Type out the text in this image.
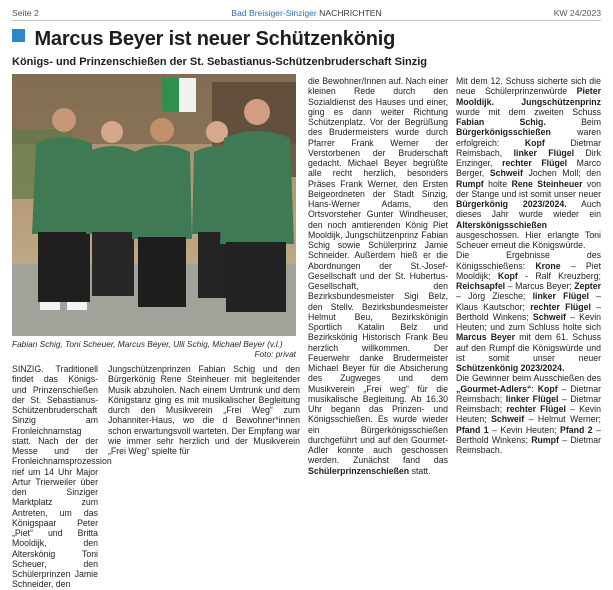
Seite 2	Bad Breisiger-Sinziger NACHRICHTEN	KW 24/2023
Marcus Beyer ist neuer Schützenkönig
Königs- und Prinzenschießen der St. Sebastianus-Schützenbruderschaft Sinzig
Fabian Schig, Toni Scheuer, Marcus Beyer, Ulli Schig, Michael Beyer (v.l.)
Foto: privat

SINZIG. Traditionell findet das Königs- und Prinzenschießen der St. Sebastianus-Schützenbruderschaft Sinzig am Fronleichnamstag statt. Nach der der Messe und der Fronleichnamsprozession rief um 14 Uhr Major Artur Trierweiler über den Sinziger Marktplatz zum Antreten, um das Königspaar Peter „Piet“ und Britta Mooldijk, den Alterskönig Toni Scheuer, den Schülerprinzen Jamie Schneider, den

Jungschützenprinzen Fabian Schig und den Bürgerkönig Rene Steinheuer mit begleitender Musik abzuholen. Nach einem Umtrunk und dem Königstanz ging es mit musikalischer Begleitung durch den Musikverein „Frei Weg“ zum Johanniter-Haus, wo die d Bewohner*innen schon erwartungsvoll warteten. Der Empfang war wie immer sehr herzlich und der Musikverein „Frei Weg“ spielte für

die Bewohner/Innen auf. Nach einer kleinen Rede durch den Sozialdienst des Hauses und einer, ging es dann weiter Richtung Schützenplatz. Vor der Begrüßung des Brudermeisters wurde durch Pfarrer Frank Werner der Verstorbenen der Bruderschaft gedacht. Michael Beyer begrüßte alle recht herzlich, besonders Präses Frank Werner, den Ersten Beigeordneten der Stadt Sinzig, Hans-Werner Adams, den Ortsvorsteher Gunter Windheuser, den noch amtierenden König Piet Mooldijk, Jungschützenprinz Fabian Schig sowie Schülerprinz Jamie Schneider. Außerdem hieß er die Abordnungen der St.-Josef-Gesellschaft und der St. Hubertus-Gesellschaft, den Bezirksbundesmeister Sigi Belz, den Stellv. Bezirksbundesmeister Helmut Beu, Bezirkskönigin Sportlich Katalin Belz und Bezirkskönig Historisch Frank Beu herzlich willkommen. Der Feuerwehr danke Brudermeister Michael Beyer für die Absicherung des Zugweges und dem Musikverein „Frei weg“ für die musikalische Begleitung. Ab 16.30 Uhr begann das Prinzen- und Königsschießen. Es wurde wieder ein Bürgerkönigsschießen durchgeführt und auf den Gourmet-Adler konnte auch geschossen werden. Zunächst fand das Schülerprinzenschießen statt.

Mit dem 12. Schuss sicherte sich die neue Schülerprinzenwürde Pieter Mooldijk. Jungschützenprinz wurde mit dem zweiten Schuss Fabian Schig. Beim Bürgerkönigsschießen waren erfolgreich: Kopf Dietmar Reimsbach, linker Flügel Dirk Enzinger, rechter Flügel Marco Berger, Schweif Jochen Moll; den Rumpf holte Rene Steinheuer von der Stange und ist somit unser neuer Bürgerkönig 2023/2024. Auch dieses Jahr wurde wieder ein Alterskönigsschießen ausgeschossen. Hier erlangte Toni Scheuer erneut die Königswürde.

Die Ergebnisse des Königsschießens: Krone – Piet Mooldijk; Kopf - Ralf Kreuzberg; Reichsapfel – Marcus Beyer; Zepter – Jörg Ziesche; linker Flügel – Klaus Kautschor; rechter Flügel – Berthold Winkens; Schweif – Kevin Heuten; und zum Schluss holte sich Marcus Beyer mit dem 61. Schuss auf den Rumpf die Königswürde und ist somit unser neuer Schützenkönig 2023/2024.

Die Gewinner beim Ausschießen des „Gourmet-Adlers“: Kopf – Dietmar Reimsbach; linker Flügel – Dietmar Reimsbach; rechter Flügel – Kevin Heuten; Schweif – Helmut Werner; Pfand 1 – Kevin Heuten; Pfand 2 – Berthold Winkens; Rumpf – Dietmar Reimsbach.
